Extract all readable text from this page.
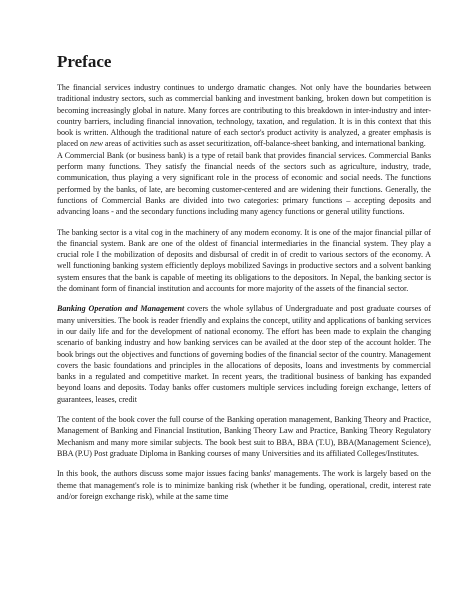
Preface

The financial services industry continues to undergo dramatic changes. Not only have the boundaries between traditional industry sectors, such as commercial banking and investment banking, broken down but competition is becoming increasingly global in nature. Many forces are contributing to this breakdown in inter-industry and inter-country barriers, including financial innovation, technology, taxation, and regulation. It is in this context that this book is written. Although the traditional nature of each sector's product activity is analyzed, a greater emphasis is placed on new areas of activities such as asset securitization, off-balance-sheet banking, and international banking.

A Commercial Bank (or business bank) is a type of retail bank that provides financial services. Commercial Banks perform many functions. They satisfy the financial needs of the sectors such as agriculture, industry, trade, communication, thus playing a very significant role in the process of economic and social needs. The functions performed by the banks, of late, are becoming customer-centered and are widening their functions. Generally, the functions of Commercial Banks are divided into two categories: primary functions – accepting deposits and advancing loans - and the secondary functions including many agency functions or general utility functions.

The banking sector is a vital cog in the machinery of any modern economy. It is one of the major financial pillar of the financial system. Bank are one of the oldest of financial intermediaries in the financial system. They play a crucial role I the mobilization of deposits and disbursal of credit in of credit to various sectors of the economy. A well functioning banking system efficiently deploys mobilized Savings in productive sectors and a solvent banking system ensures that the bank is capable of meeting its obligations to the depositors. In Nepal, the banking sector is the dominant form of financial institution and accounts for more majority of the assets of the financial sector.

Banking Operation and Management covers the whole syllabus of Undergraduate and post graduate courses of many universities. The book is reader friendly and explains the concept, utility and applications of banking services in our daily life and for the development of national economy. The effort has been made to explain the changing scenario of banking industry and how banking services can be availed at the door step of the account holder. The book brings out the objectives and functions of governing bodies of the financial sector of the country. Management covers the basic foundations and principles in the allocations of deposits, loans and investments by commercial banks in a regulated and competitive market. In recent years, the traditional business of banking has expanded beyond loans and deposits. Today banks offer customers multiple services including foreign exchange, letters of guarantees, leases, credit

The content of the book cover the full course of the Banking operation management, Banking Theory and Practice, Management of Banking and Financial Institution, Banking Theory Law and Practice, Banking Theory Regulatory Mechanism and many more similar subjects. The book best suit to BBA, BBA (T.U), BBA(Management Science), BBA (P.U) Post graduate Diploma in Banking courses of many Universities and its affiliated Colleges/Institutes.

In this book, the authors discuss some major issues facing banks' managements. The work is largely based on the theme that management's role is to minimize banking risk (whether it be funding, operational, credit, interest rate and/or foreign exchange risk), while at the same time
